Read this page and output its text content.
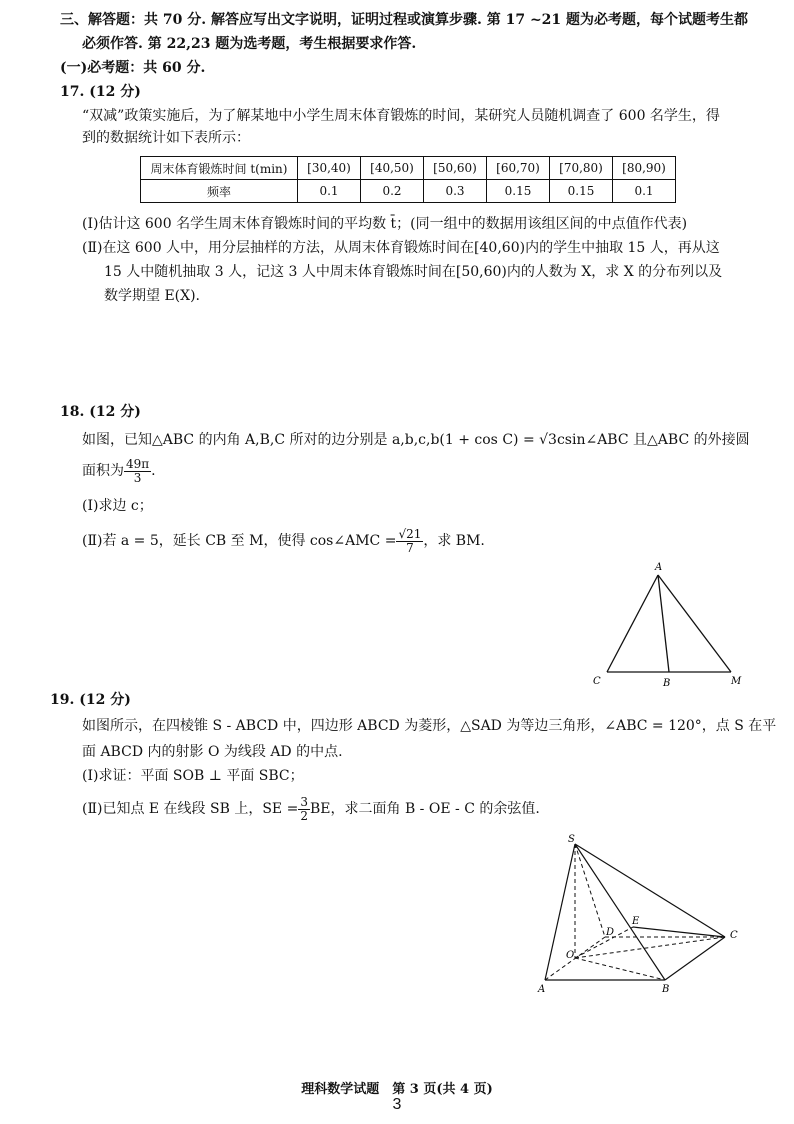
三、解答题：共 70 分. 解答应写出文字说明，证明过程或演算步骤. 第 17 ~21 题为必考题，每个试题考生都
必须作答. 第 22,23 题为选考题，考生根据要求作答.
(一)必考题：共 60 分.
17. (12 分)
“双减”政策实施后，为了解某地中小学生周末体育锻炼的时间，某研究人员随机调查了 600 名学生，得
到的数据统计如下表所示：
周末体育锻炼时间 t(min)	[30,40)	[40,50)	[50,60)	[60,70)	[70,80)	[80,90)
频率	0.1	0.2	0.3	0.15	0.15	0.1
(Ⅰ)估计这 600 名学生周末体育锻炼时间的平均数 t̄；(同一组中的数据用该组区间的中点值作代表)
(Ⅱ)在这 600 人中，用分层抽样的方法，从周末体育锻炼时间在[40,60)内的学生中抽取 15 人，再从这
15 人中随机抽取 3 人，记这 3 人中周末体育锻炼时间在[50,60)内的人数为 X，求 X 的分布列以及
数学期望 E(X).
18. (12 分)
如图，已知△ABC 的内角 A,B,C 所对的边分别是 a,b,c,b(1 + cos C) = √3csin∠ABC 且△ABC 的外接圆
面积为 $\frac{49\pi}{3}$ .
(Ⅰ)求边 c；
(Ⅱ)若 a = 5，延长 CB 至 M，使得 cos∠AMC = $\frac{√21}{7}$ ，求 BM.
A
C	B	M
19. (12 分)
如图所示，在四棱锥 S - ABCD 中，四边形 ABCD 为菱形，△SAD 为等边三角形，∠ABC = 120°，点 S 在平
面 ABCD 内的射影 O 为线段 AD 的中点.
(Ⅰ)求证：平面 SOB ⊥ 平面 SBC；
(Ⅱ)已知点 E 在线段 SB 上，SE = $\frac{3}{2}$ BE，求二面角 B - OE - C 的余弦值.
S
E
D	C
O
A	B
理科数学试题　第 3 页(共 4 页)
3
